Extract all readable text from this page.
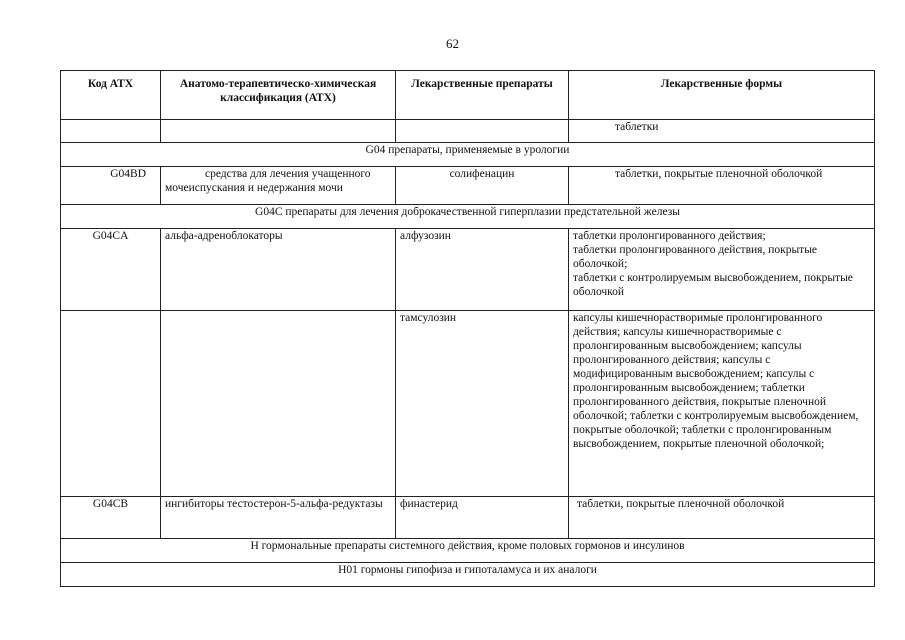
62
Код АТХ	Анатомо-терапевтическо-химическая классификация (АТХ)	Лекарственные препараты	Лекарственные формы
			таблетки
G04 препараты, применяемые в урологии			
G04BD	средства для лечения учащенного мочеиспускания и недержания мочи	солифенацин	таблетки, покрытые пленочной оболочкой
G04C препараты для лечения доброкачественной гиперплазии предстательной железы			
G04CA	альфа-адреноблокаторы	алфузозин	таблетки пролонгированного действия;
таблетки пролонгированного действия, покрытые оболочкой;
таблетки с контролируемым высвобождением, покрытые оболочкой

		тамсулозин	капсулы кишечнорастворимые пролонгированного действия; капсулы кишечнорастворимые с пролонгированным высвобождением; капсулы пролонгированного действия; капсулы с модифицированным высвобождением; капсулы с пролонгированным высвобождением; таблетки пролонгированного действия, покрытые пленочной оболочкой; таблетки с контролируемым высвобождением, покрытые оболочкой; таблетки с пролонгированным высвобождением, покрытые пленочной оболочкой;
G04CB	ингибиторы тестостерон-5-альфа-редуктазы	финастерид	таблетки, покрытые пленочной оболочкой
H гормональные препараты системного действия, кроме половых гормонов и инсулинов			
H01 гормоны гипофиза и гипоталамуса и их аналоги			
